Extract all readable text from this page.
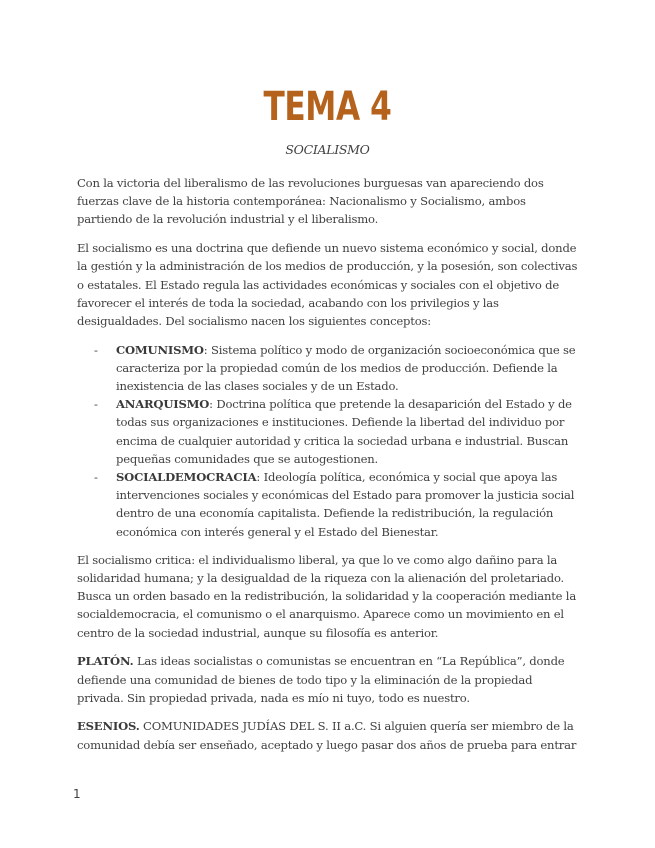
TEMA 4
SOCIALISMO

Con la victoria del liberalismo de las revoluciones burguesas van apareciendo dos fuerzas clave de la historia contemporánea: Nacionalismo y Socialismo, ambos partiendo de la revolución industrial y el liberalismo.

El socialismo es una doctrina que defiende un nuevo sistema económico y social, donde la gestión y la administración de los medios de producción, y la posesión, son colectivas o estatales. El Estado regula las actividades económicas y sociales con el objetivo de favorecer el interés de toda la sociedad, acabando con los privilegios y las desigualdades. Del socialismo nacen los siguientes conceptos:

- COMUNISMO: Sistema político y modo de organización socioeconómica que se caracteriza por la propiedad común de los medios de producción. Defiende la inexistencia de las clases sociales y de un Estado.
- ANARQUISMO: Doctrina política que pretende la desaparición del Estado y de todas sus organizaciones e instituciones. Defiende la libertad del individuo por encima de cualquier autoridad y critica la sociedad urbana e industrial. Buscan pequeñas comunidades que se autogestionen.
- SOCIALDEMOCRACIA: Ideología política, económica y social que apoya las intervenciones sociales y económicas del Estado para promover la justicia social dentro de una economía capitalista. Defiende la redistribución, la regulación económica con interés general y el Estado del Bienestar.

El socialismo critica: el individualismo liberal, ya que lo ve como algo dañino para la solidaridad humana; y la desigualdad de la riqueza con la alienación del proletariado. Busca un orden basado en la redistribución, la solidaridad y la cooperación mediante la socialdemocracia, el comunismo o el anarquismo. Aparece como un movimiento en el centro de la sociedad industrial, aunque su filosofía es anterior.

PLATÓN. Las ideas socialistas o comunistas se encuentran en “La República”, donde defiende una comunidad de bienes de todo tipo y la eliminación de la propiedad privada. Sin propiedad privada, nada es mío ni tuyo, todo es nuestro.

ESENIOS. COMUNIDADES JUDÍAS DEL S. II a.C. Si alguien quería ser miembro de la comunidad debía ser enseñado, aceptado y luego pasar dos años de prueba para entrar

1
